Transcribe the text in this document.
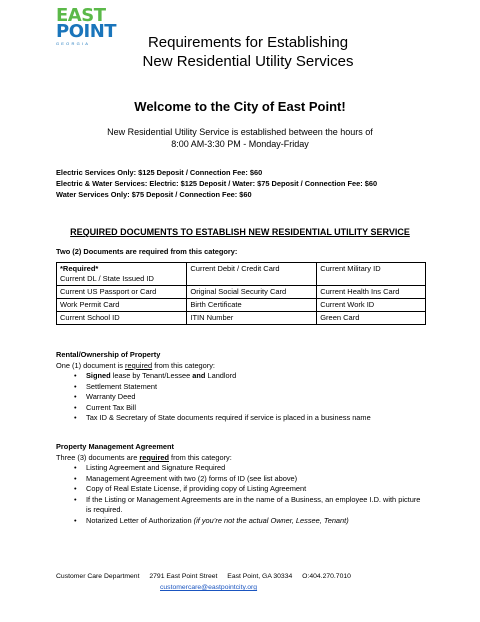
EAST
POINT
GEORGIA	Requirements for Establishing
New Residential Utility Services
Welcome to the City of East Point!
New Residential Utility Service is established between the hours of
8:00 AM-3:30 PM - Monday-Friday
Electric Services Only: $125 Deposit / Connection Fee: $60
Electric & Water Services: Electric: $125 Deposit / Water: $75 Deposit / Connection Fee: $60
Water Services Only: $75 Deposit / Connection Fee: $60
REQUIRED DOCUMENTS TO ESTABLISH NEW RESIDENTIAL UTILITY SERVICE
Two (2) Documents are required from this category:
*Required*
Current DL / State Issued ID	Current Debit / Credit Card	Current Military ID
Current US Passport or Card	Original Social Security Card	Current Health Ins Card
Work Permit Card	Birth Certificate	Current Work ID
Current School ID	ITIN Number	Green Card
Rental/Ownership of Property
One (1) document is required from this category:
• Signed lease by Tenant/Lessee and Landlord
• Settlement Statement
• Warranty Deed
• Current Tax Bill
• Tax ID & Secretary of State documents required if service is placed in a business name
Property Management Agreement
Three (3) documents are required from this category:
• Listing Agreement and Signature Required
• Management Agreement with two (2) forms of ID (see list above)
• Copy of Real Estate License, if providing copy of Listing Agreement
• If the Listing or Management Agreements are in the name of a Business, an employee I.D. with picture is required.
• Notarized Letter of Authorization (if you’re not the actual Owner, Lessee, Tenant)
Customer Care Department 2791 East Point Street East Point, GA 30334 O:404.270.7010
customercare@eastpointcity.org
